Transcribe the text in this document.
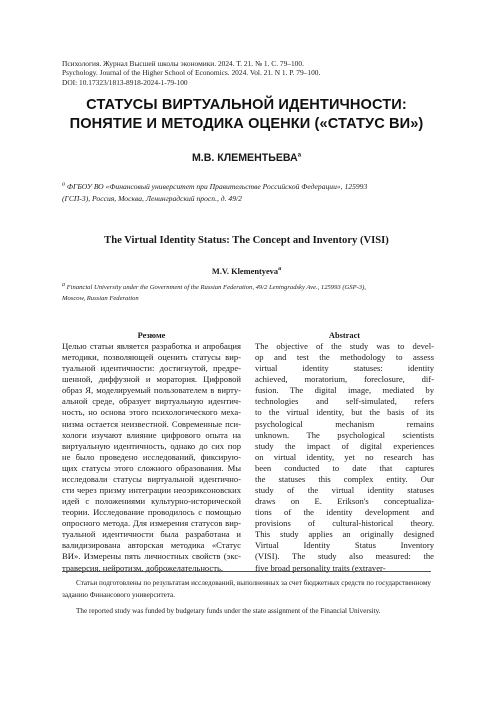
Психология. Журнал Высшей школы экономики. 2024. Т. 21. № 1. С. 79–100.
Psychology. Journal of the Higher School of Economics. 2024. Vol. 21. N 1. P. 79–100.
DOI: 10.17323/1813-8918-2024-1-79-100
СТАТУСЫ ВИРТУАЛЬНОЙ ИДЕНТИЧНОСТИ:
ПОНЯТИЕ И МЕТОДИКА ОЦЕНКИ («СТАТУС ВИ»)
М.В. КЛЕМЕНТЬЕВА$^a$
$^a$ ФГБОУ ВО «Финансовый университет при Правительстве Российской Федерации», 125993
(ГСП-3), Россия, Москва, Ленинградский просп., д. 49/2
The Virtual Identity Status: The Concept and Inventory (VISI)
M.V. Klementyeva$^a$
a Financial University under the Government of the Russian Federation, 49/2 Leningradsky Ave., 125993 (GSP-3),
Moscow, Russian Federation
Резюме
Целью статьи является разработка и апробация
методики, позволяющей оценить статусы вир-
туальной идентичности: достигнутой, предре-
шенной, диффузной и моратория. Цифровой
образ Я, моделируемый пользователем в вирту-
альной среде, образует виртуальную идентич-
ность, но основа этого психологического меха-
низма остается неизвестной. Современные пси-
хологи изучают влияние цифрового опыта на
виртуальную идентичность, однако до сих пор
не было проведено исследований, фиксирую-
щих статусы этого сложного образования. Мы
исследовали статусы виртуальной идентично-
сти через призму интеграции неоэриксоновских
идей с положениями культурно-исторической
теории. Исследование проводилось с помощью
опросного метода. Для измерения статусов вир-
туальной идентичности была разработана и
валидизирована авторская методика «Статус
ВИ». Измерены пять личностных свойств (экс-
траверсия, нейротизм, доброжелательность,
Abstract
The objective of the study was to devel-
op and test the methodology to assess
virtual identity statuses: identity
achieved, moratorium, foreclosure, dif-
fusion. The digital image, mediated by
technologies and self-simulated, refers
to the virtual identity, but the basis of its
psychological mechanism remains
unknown. The psychological scientists
study the impact of digital experiences
on virtual identity, yet no research has
been conducted to date that captures
the statuses this complex entity. Our
study of the virtual identity statuses
draws on E. Erikson's conceptualiza-
tions of the identity development and
provisions of cultural-historical theory.
This study applies an originally designed
Virtual Identity Status Inventory
(VISI). The study also measured: the
five broad personality traits (extraver-
Статьи подготовлены по результатам исследований, выполненных за счет бюджетных средств по государственному заданию Финансового университета.
The reported study was funded by budgetary funds under the state assignment of the Financial University.
